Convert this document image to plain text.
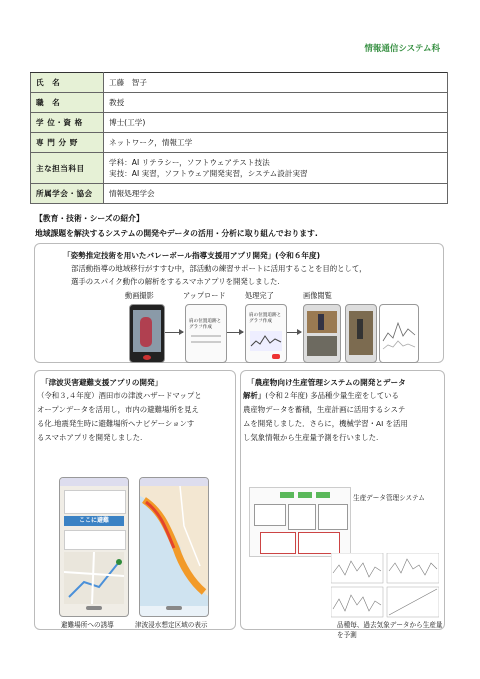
情報通信システム科
氏　名	工藤　智子
職　名	教授
学 位・資 格	博士(工学)
専 門 分 野	ネットワーク，情報工学
主な担当科目	学科：AI リテラシー，ソフトウェアテスト技法
実技：AI 実習，ソフトウェア開発実習，システム設計実習

所属学会・協会	情報処理学会
【教育・技術・シーズの紹介】
地域課題を解決するシステムの開発やデータの活用・分析に取り組んでおります.
「姿勢推定技術を用いたバレーボール指導支援用アプリ開発」(令和６年度)
部活動指導の地域移行がすすむ中，部活動の練習サポートに活用することを目的として，
選手のスパイク動作の解析をするスマホアプリを開発しました.
動画撮影	アップロード	処理完了	画像閲覧
肩の位置追跡とグラフ作成
肩の位置追跡とグラフ作成
「津波災害避難支援アプリの開発」
（令和３,４年度）酒田市の津波ハザードマップと
オープンデータを活用し，市内の避難場所を見え
る化.地震発生時に避難場所へナビゲーションす
るスマホアプリを開発しました.
ここに避難
避難場所への誘導	津波浸水想定区域の表示
「農産物向け生産管理システムの開発とデータ
解析」(令和２年度) 多品種少量生産をしている
農産物データを蓄積，生産計画に活用するシステ
ムを開発しました．さらに，機械学習・AI を活用
し気象情報から生産量予測を行いました.
生産データ管理システム
品種毎、過去気象データから生産量を予測
